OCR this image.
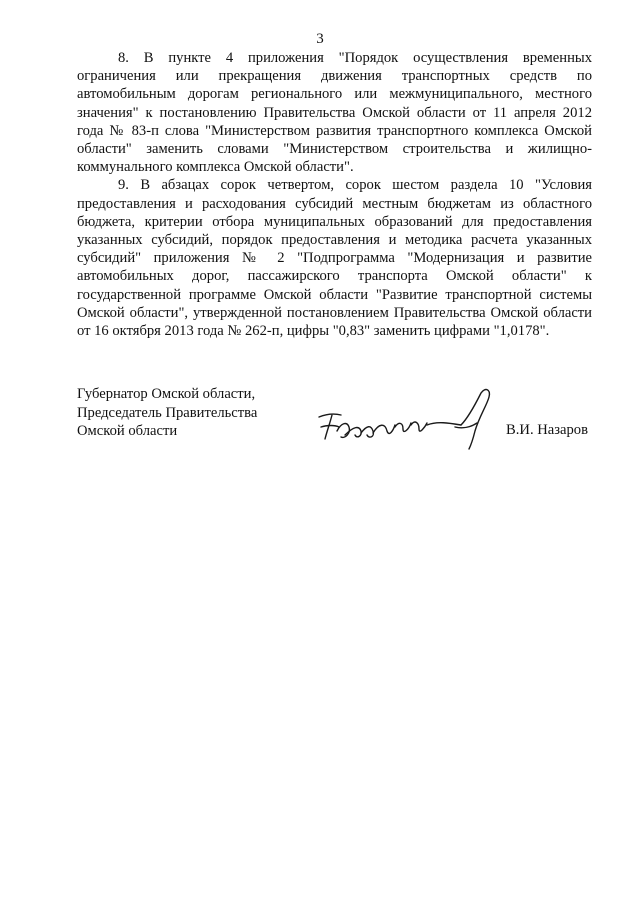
3

8. В пункте 4 приложения "Порядок осуществления временных ограничения или прекращения движения транспортных средств по автомобильным дорогам регионального или межмуниципального, местного значения" к постановлению Правительства Омской области от 11 апреля 2012 года № 83-п слова "Министерством развития транспортного комплекса Омской области" заменить словами "Министерством строительства и жилищно-коммунального комплекса Омской области".

9. В абзацах сорок четвертом, сорок шестом раздела 10 "Условия предоставления и расходования субсидий местным бюджетам из областного бюджета, критерии отбора муниципальных образований для предоставления указанных субсидий, порядок предоставления и методика расчета указанных субсидий" приложения № 2 "Подпрограмма "Модернизация и развитие автомобильных дорог, пассажирского транспорта Омской области" к государственной программе Омской области "Развитие транспортной системы Омской области", утвержденной постановлением Правительства Омской области от 16 октября 2013 года № 262-п, цифры "0,83" заменить цифрами "1,0178".

Губернатор Омской области,
Председатель Правительства
Омской области	В.И. Назаров
